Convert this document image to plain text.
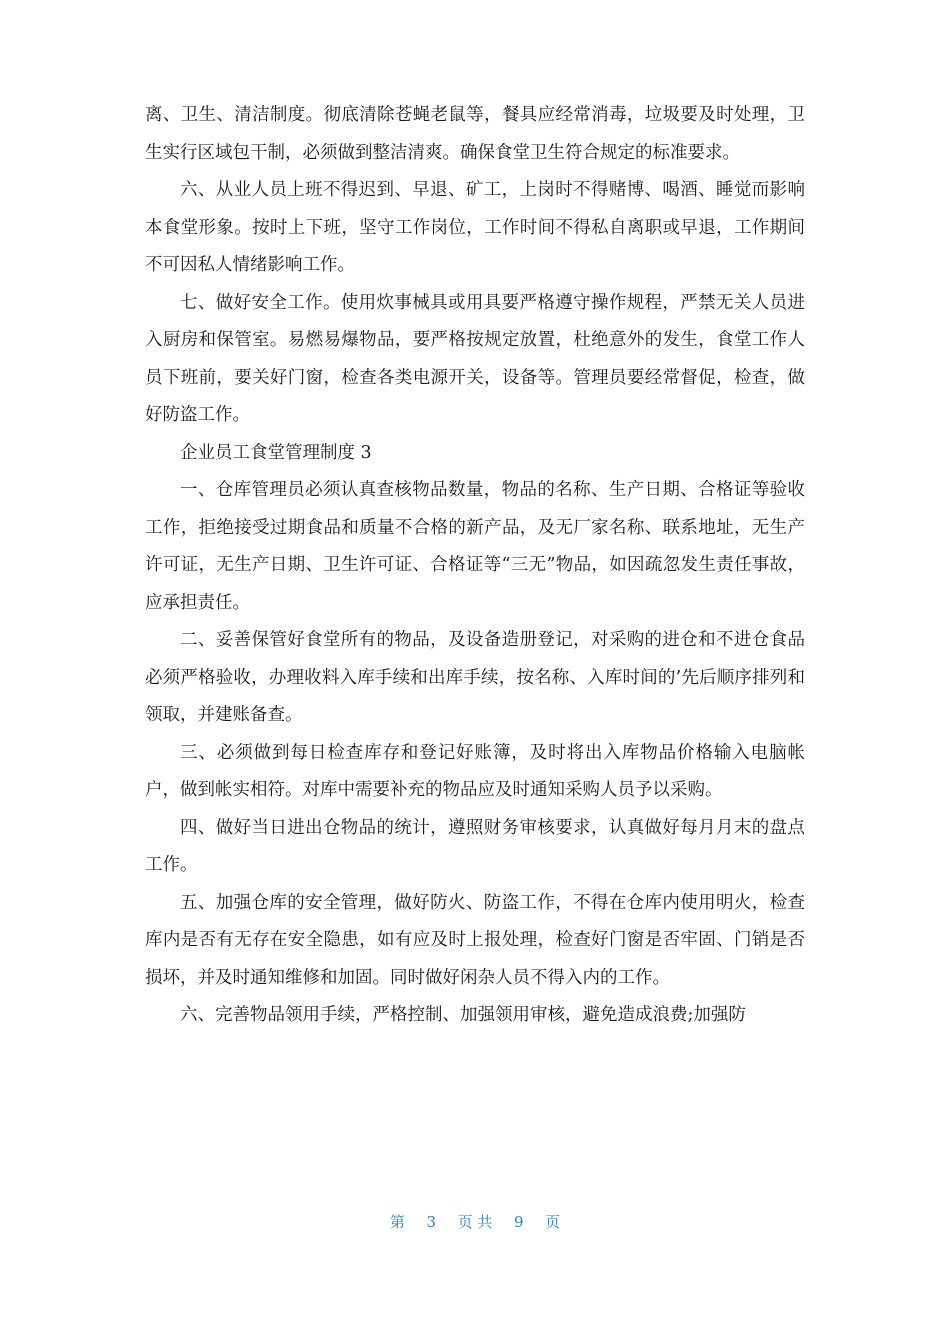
离、卫生、清洁制度。彻底清除苍蝇老鼠等，餐具应经常消毒，垃圾要及时处理，卫生实行区域包干制，必须做到整洁清爽。确保食堂卫生符合规定的标准要求。

六、从业人员上班不得迟到、早退、矿工，上岗时不得赌博、喝酒、睡觉而影响本食堂形象。按时上下班，坚守工作岗位，工作时间不得私自离职或早退，工作期间不可因私人情绪影响工作。

七、做好安全工作。使用炊事械具或用具要严格遵守操作规程，严禁无关人员进入厨房和保管室。易燃易爆物品，要严格按规定放置，杜绝意外的发生，食堂工作人员下班前，要关好门窗，检查各类电源开关，设备等。管理员要经常督促，检查，做好防盗工作。

企业员工食堂管理制度 3

一、仓库管理员必须认真查核物品数量，物品的名称、生产日期、合格证等验收工作，拒绝接受过期食品和质量不合格的新产品，及无厂家名称、联系地址，无生产许可证，无生产日期、卫生许可证、合格证等“三无”物品，如因疏忽发生责任事故，应承担责任。

二、妥善保管好食堂所有的物品，及设备造册登记，对采购的进仓和不进仓食品必须严格验收，办理收料入库手续和出库手续，按名称、入库时间的’先后顺序排列和领取，并建账备查。

三、必须做到每日检查库存和登记好账簿，及时将出入库物品价格输入电脑帐户，做到帐实相符。对库中需要补充的物品应及时通知采购人员予以采购。

四、做好当日进出仓物品的统计，遵照财务审核要求，认真做好每月月末的盘点工作。

五、加强仓库的安全管理，做好防火、防盗工作，不得在仓库内使用明火，检查库内是否有无存在安全隐患，如有应及时上报处理，检查好门窗是否牢固、门销是否损坏，并及时通知维修和加固。同时做好闲杂人员不得入内的工作。

六、完善物品领用手续，严格控制、加强领用审核，避免造成浪费;加强防

第 3 页 共 9 页
